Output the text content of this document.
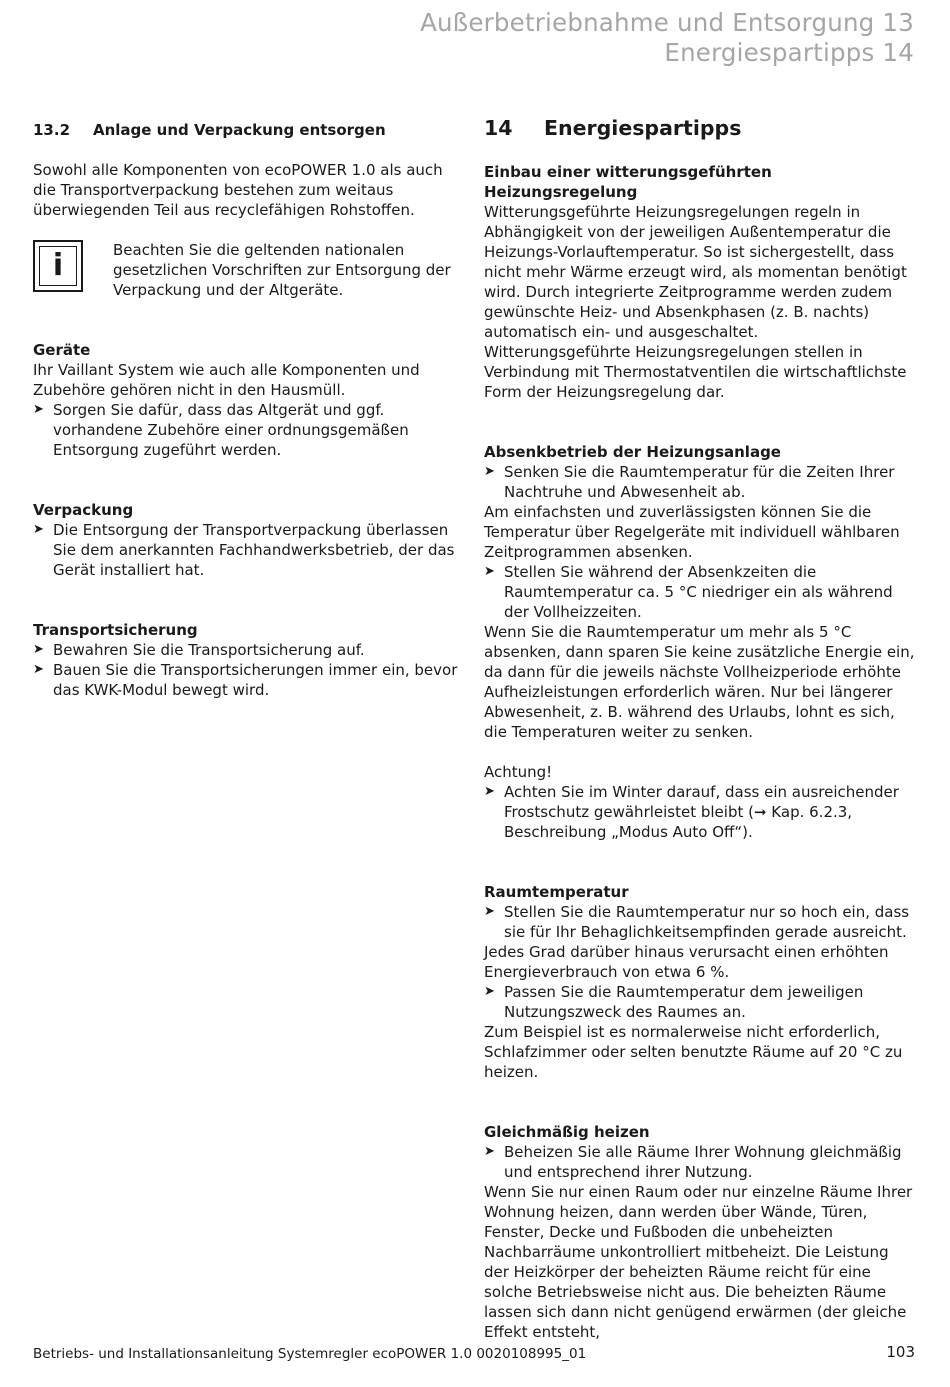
Außerbetriebnahme und Entsorgung 13
Energiespartipps 14
13.2 Anlage und Verpackung entsorgen

Sowohl alle Komponenten von ecoPOWER 1.0 als auch die Transportverpackung bestehen zum weitaus überwiegenden Teil aus recyclefähigen Rohstoffen.

i	Beachten Sie die geltenden nationalen gesetzlichen Vorschriften zur Entsorgung der Verpackung und der Altgeräte.

Geräte

Ihr Vaillant System wie auch alle Komponenten und Zubehöre gehören nicht in den Hausmüll.

➤ Sorgen Sie dafür, dass das Altgerät und ggf. vorhandene Zubehöre einer ordnungsgemäßen Entsorgung zugeführt werden.

Verpackung

➤ Die Entsorgung der Transportverpackung überlassen Sie dem anerkannten Fachhandwerksbetrieb, der das Gerät installiert hat.

Transportsicherung

➤ Bewahren Sie die Transportsicherung auf.
➤ Bauen Sie die Transportsicherungen immer ein, bevor das KWK-Modul bewegt wird.
14 Energiespartipps

Einbau einer witterungsgeführten Heizungsregelung

Witterungsgeführte Heizungsregelungen regeln in Abhängigkeit von der jeweiligen Außentemperatur die Heizungs-Vorlauftemperatur. So ist sichergestellt, dass nicht mehr Wärme erzeugt wird, als momentan benötigt wird. Durch integrierte Zeitprogramme werden zudem gewünschte Heiz- und Absenkphasen (z. B. nachts) automatisch ein- und ausgeschaltet.

Witterungsgeführte Heizungsregelungen stellen in Verbindung mit Thermostatventilen die wirtschaftlichste Form der Heizungsregelung dar.

Absenkbetrieb der Heizungsanlage

➤ Senken Sie die Raumtemperatur für die Zeiten Ihrer Nachtruhe und Abwesenheit ab.

Am einfachsten und zuverlässigsten können Sie die Temperatur über Regelgeräte mit individuell wählbaren Zeitprogrammen absenken.

➤ Stellen Sie während der Absenkzeiten die Raumtemperatur ca. 5 °C niedriger ein als während der Vollheizzeiten.

Wenn Sie die Raumtemperatur um mehr als 5 °C absenken, dann sparen Sie keine zusätzliche Energie ein, da dann für die jeweils nächste Vollheizperiode erhöhte Aufheizleistungen erforderlich wären. Nur bei längerer Abwesenheit, z. B. während des Urlaubs, lohnt es sich, die Temperaturen weiter zu senken.

Achtung!

➤ Achten Sie im Winter darauf, dass ein ausreichender Frostschutz gewährleistet bleibt (➞ Kap. 6.2.3, Beschreibung „Modus Auto Off“).

Raumtemperatur

➤ Stellen Sie die Raumtemperatur nur so hoch ein, dass sie für Ihr Behaglichkeitsempfinden gerade ausreicht.

Jedes Grad darüber hinaus verursacht einen erhöhten Energieverbrauch von etwa 6 %.

➤ Passen Sie die Raumtemperatur dem jeweiligen Nutzungszweck des Raumes an.

Zum Beispiel ist es normalerweise nicht erforderlich, Schlafzimmer oder selten benutzte Räume auf 20 °C zu heizen.

Gleichmäßig heizen

➤ Beheizen Sie alle Räume Ihrer Wohnung gleichmäßig und entsprechend ihrer Nutzung.

Wenn Sie nur einen Raum oder nur einzelne Räume Ihrer Wohnung heizen, dann werden über Wände, Türen, Fenster, Decke und Fußboden die unbeheizten Nachbarräume unkontrolliert mitbeheizt. Die Leistung der Heizkörper der beheizten Räume reicht für eine solche Betriebsweise nicht aus. Die beheizten Räume lassen sich dann nicht genügend erwärmen (der gleiche Effekt entsteht,

Betriebs- und Installationsanleitung Systemregler ecoPOWER 1.0 0020108995_01	103
